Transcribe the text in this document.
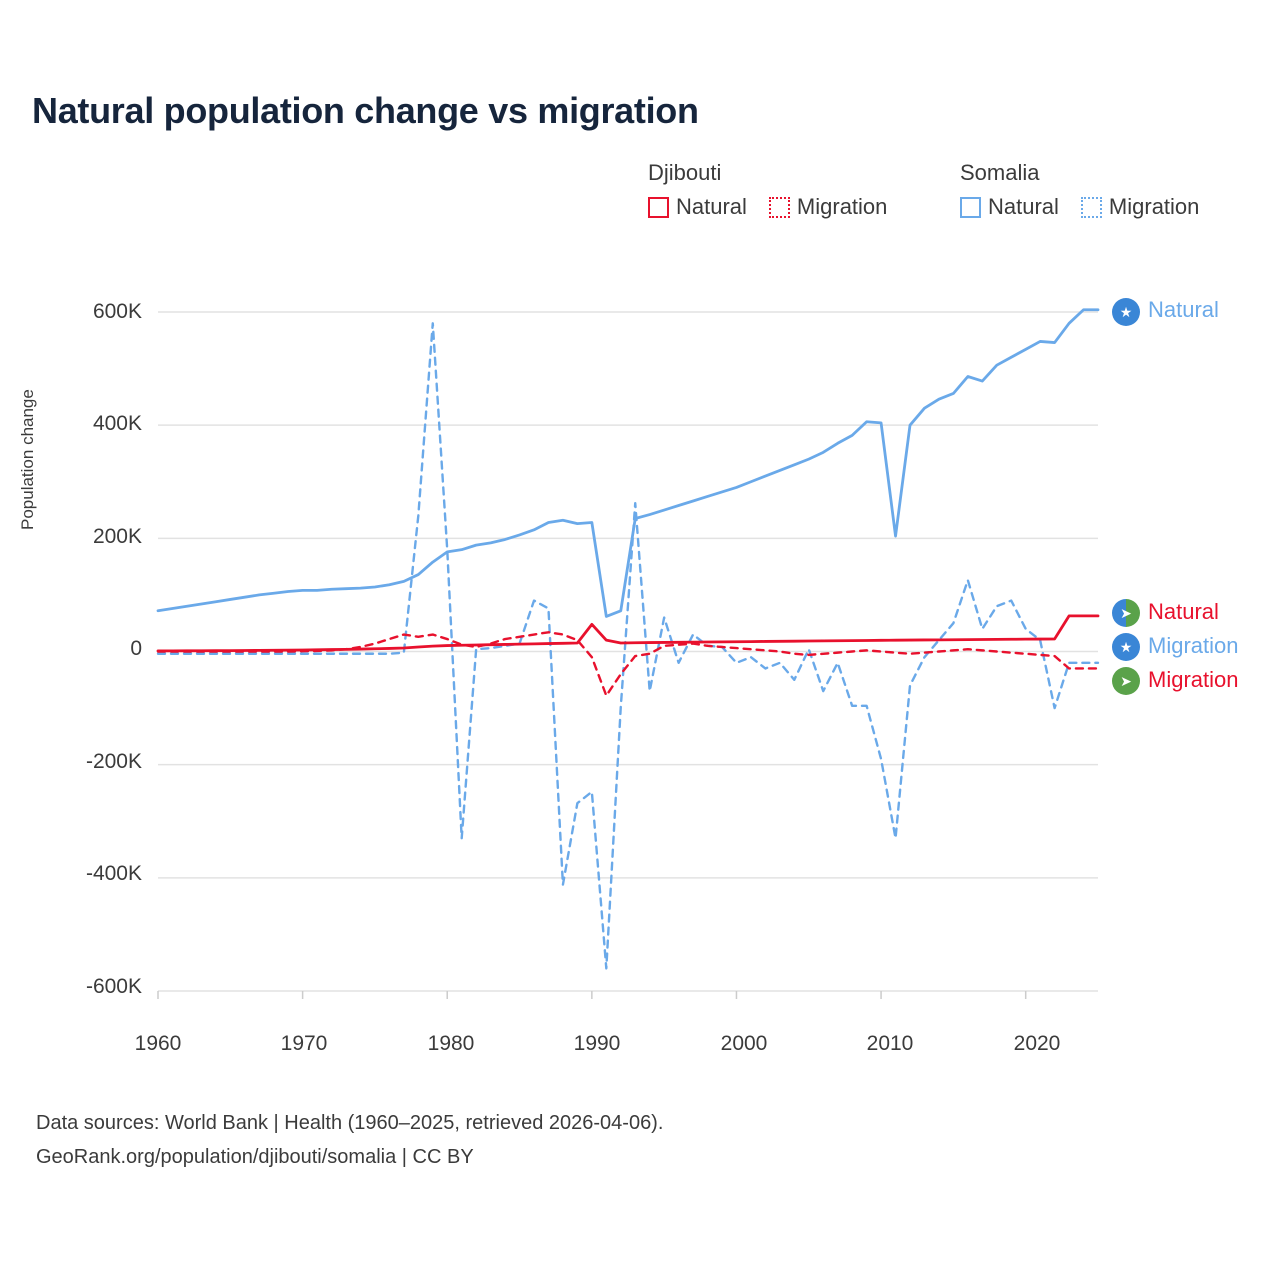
Natural population change vs migration
Djibouti
Natural Migration
Somalia
Natural Migration
Population change
600K
400K
200K
0
-200K
-400K
-600K
1960	1970	1980	1990	2000	2010	2020
★ Natural
➤ Natural
★ Migration
➤ Migration
Data sources: World Bank | Health (1960–2025, retrieved 2026-04-06).
GeoRank.org/population/djibouti/somalia | CC BY
